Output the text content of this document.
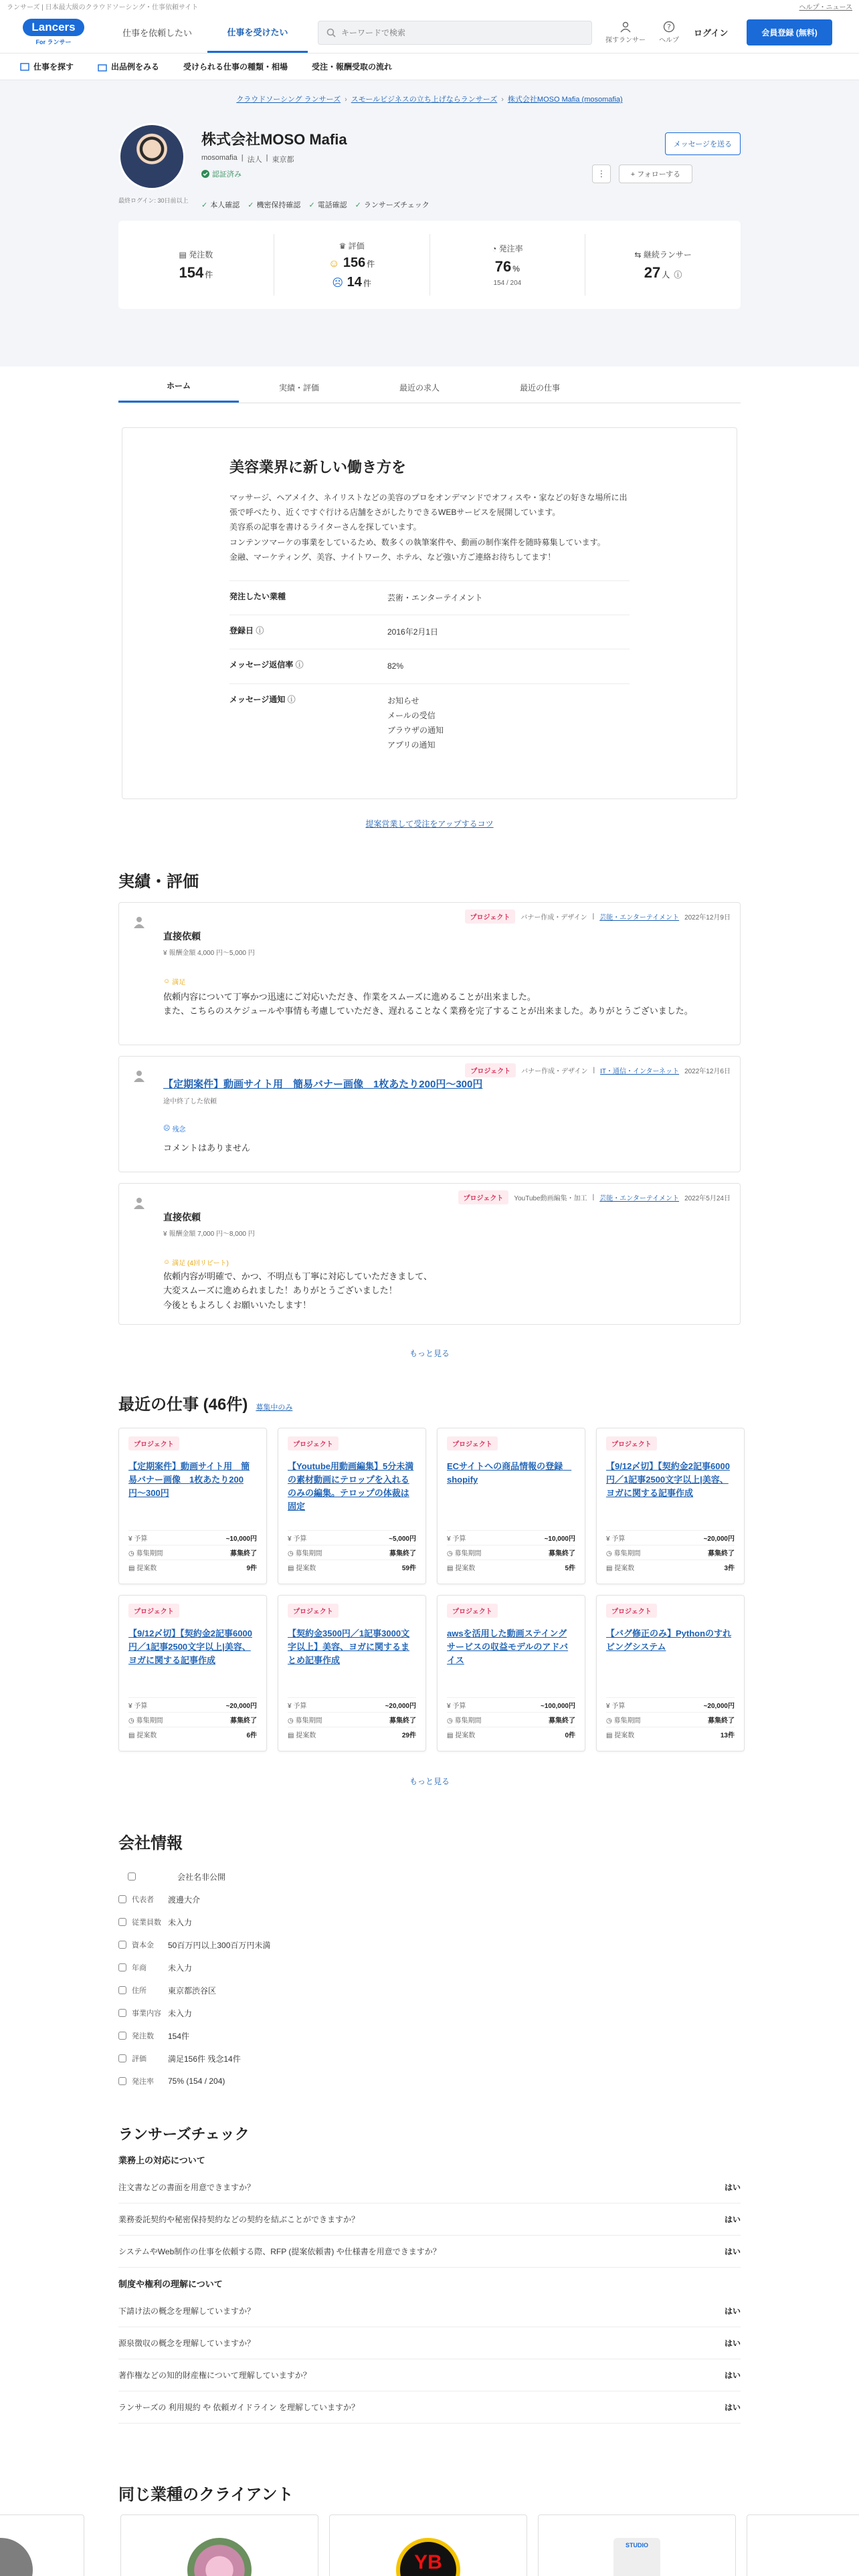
ランサーズ | 日本最大級のクラウドソーシング・仕事依頼サイト	ヘルプ・ニュース
Lancers
For ランサー
仕事を依頼したい	仕事を受けたい
キーワードで検索
探すランサー
?
ヘルプ
ログイン	会員登録 (無料)
仕事を探す	出品例をみる	受けられる仕事の種類・相場	受注・報酬受取の流れ
クラウドソーシング ランサーズ › スモールビジネスの立ち上げならランサーズ › 株式会社MOSO Mafia (mosomafia)
株式会社MOSO Mafia
mosomafia | 法人 | 東京都
認証済み
最終ログイン: 30日前以上
✓ 本人確認 ✓ 機密保持確認 ✓ 電話確認 ✓ ランサーズチェック
メッセージを送る
⋮	+ フォローする
▤ 発注数
154 件
♛ 評価
☺ 156 件
☹ 14 件
◔ 発注率
76 %
154 / 204
⇆ 継続ランサー
27 人 ⓘ
ホーム	実績・評価	最近の求人	最近の仕事
美容業界に新しい働き方を

マッサージ、ヘアメイク、ネイリストなどの美容のプロをオンデマンドでオフィスや・家などの好きな場所に出張で呼べたり、近くですぐ行ける店舗をさがしたりできるWEBサービスを展開しています。

美容系の記事を書けるライターさんを探しています。

コンテンツマーケの事業をしているため、数多くの執筆案件や、動画の制作案件を随時募集しています。

金融、マーケティング、美容、ナイトワーク、ホテル、など強い方ご連絡お待ちしてます！

発注したい業種	芸術・エンターテイメント
登録日 ⓘ	2016年2月1日
メッセージ返信率 ⓘ	82%
メッセージ通知 ⓘ	お知らせ
メールの受信
ブラウザの通知
アプリの通知
提案営業して受注をアップするコツ
実績・評価
プロジェクト	バナー作成・デザイン | 芸能・エンターテイメント 2022年12月9日
直接依頼
¥ 報酬金額 4,000 円～5,000 円
☺ 満足
依頼内容について丁寧かつ迅速にご対応いただき、作業をスムーズに進めることが出来ました。
また、こちらのスケジュールや事情も考慮していただき、遅れることなく業務を完了することが出来ました。ありがとうございました。
プロジェクト	バナー作成・デザイン | IT・通信・インターネット 2022年12月6日
【定期案件】動画サイト用　簡易バナー画像　1枚あたり200円〜300円
途中終了した依頼
☹ 残念
コメントはありません
プロジェクト	YouTube動画編集・加工 | 芸能・エンターテイメント 2022年5月24日
直接依頼
¥ 報酬金額 7,000 円～8,000 円
☺ 満足 (4回リピート)
依頼内容が明確で、かつ、不明点も丁寧に対応していただきまして、
大変スムーズに進められました！ありがとうございました！
今後ともよろしくお願いいたします！
もっと見る
最近の仕事 (46件) 募集中のみ
プロジェクト
【定期案件】動画サイト用　簡易バナー画像　1枚あたり200円〜300円
¥ 予算	~10,000円
◷ 募集期間	募集終了
▤ 提案数	9件
プロジェクト
【Youtube用動画編集】5分未満の素材動画にテロップを入れるのみの編集。テロップの体裁は固定
¥ 予算	~5,000円
◷ 募集期間	募集終了
▤ 提案数	59件
プロジェクト
ECサイトへの商品情報の登録　shopify
¥ 予算	~10,000円
◷ 募集期間	募集終了
▤ 提案数	5件
プロジェクト
【9/12〆切】【契約金2記事6000円／1記事2500文字以上|美容、ヨガに関する記事作成
¥ 予算	~20,000円
◷ 募集期間	募集終了
▤ 提案数	3件
プロジェクト
【9/12〆切】【契約金2記事6000円／1記事2500文字以上|美容、ヨガに関する記事作成
¥ 予算	~20,000円
◷ 募集期間	募集終了
▤ 提案数	6件
プロジェクト
【契約金3500円／1記事3000文字以上】美容、ヨガに関するまとめ記事作成
¥ 予算	~20,000円
◷ 募集期間	募集終了
▤ 提案数	29件
プロジェクト
awsを活用した動画ステイングサービスの収益モデルのアドバイス
¥ 予算	~100,000円
◷ 募集期間	募集終了
▤ 提案数	0件
プロジェクト
【バグ修正のみ】Pythonのすれビングシステム
¥ 予算	~20,000円
◷ 募集期間	募集終了
▤ 提案数	13件
もっと見る
会社情報
会社名非公開
代表者 渡邊大介
従業員数 未入力
資本金 50百万円以上300百万円未満
年商	未入力
住所	東京都渋谷区
事業内容 未入力
発注数 154件
評価	満足156件 残念14件
発注率 75% (154 / 204)
ランサーズチェック
業務上の対応について
注文書などの書面を用意できますか？	はい
業務委託契約や秘密保持契約などの契約を結ぶことができますか？	はい
システムやWeb制作の仕事を依頼する際、RFP (提案依頼書) や仕様書を用意できますか？	はい
制度や権利の理解について
下請け法の概念を理解していますか？	はい
源泉徴収の概念を理解していますか？	はい
著作権などの知的財産権について理解していますか？	はい
ランサーズの 利用規約 や 依頼ガイドライン を理解していますか？	はい
同じ業種のクライアント
YB
STUDIO
